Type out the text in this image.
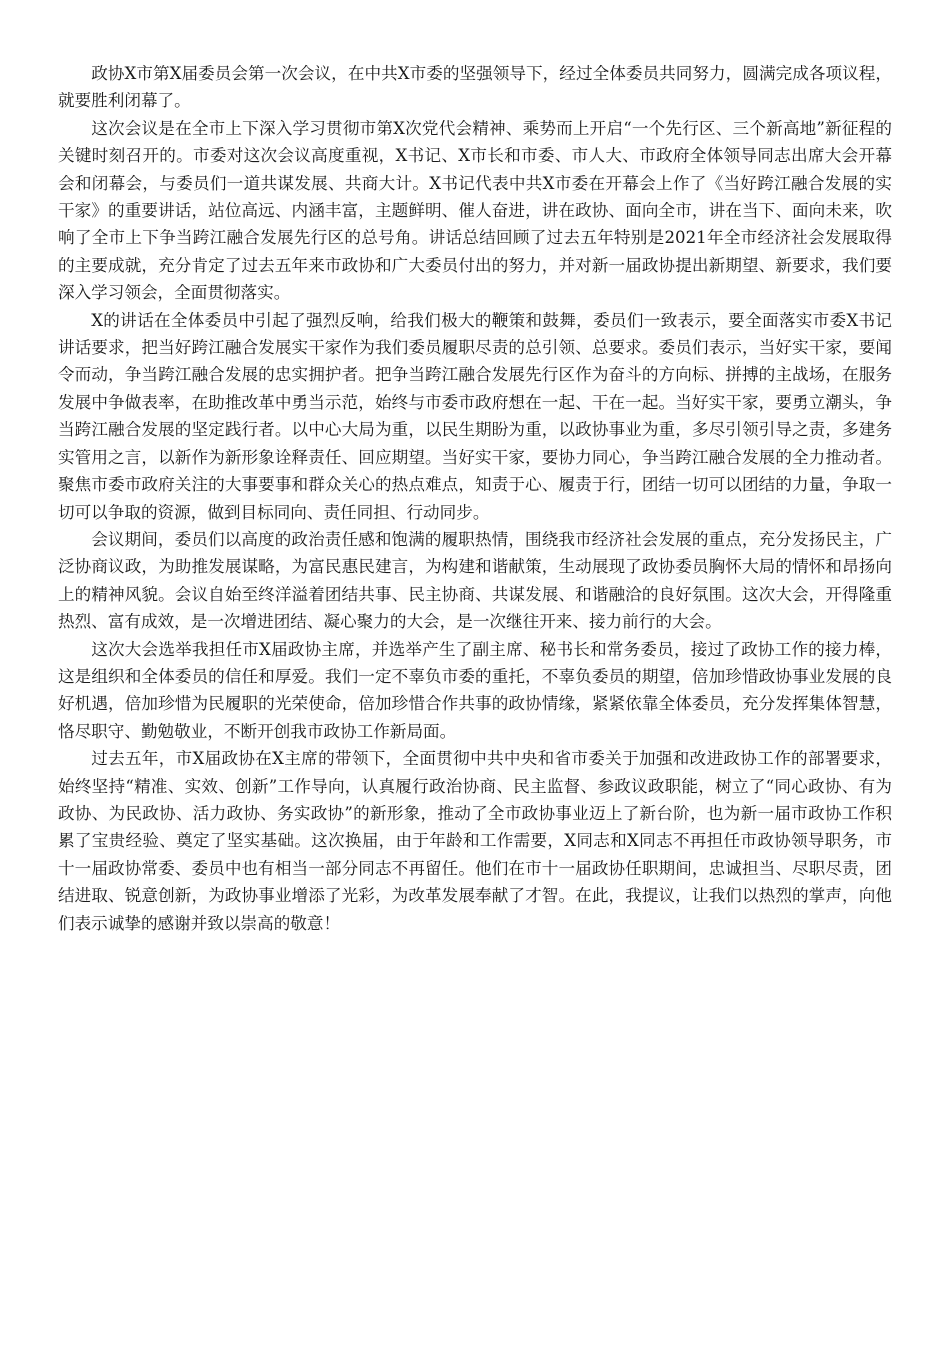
政协X市第X届委员会第一次会议，在中共X市委的坚强领导下，经过全体委员共同努力，圆满完成各项议程，就要胜利闭幕了。

这次会议是在全市上下深入学习贯彻市第X次党代会精神、乘势而上开启“一个先行区、三个新高地”新征程的关键时刻召开的。市委对这次会议高度重视，X书记、X市长和市委、市人大、市政府全体领导同志出席大会开幕会和闭幕会，与委员们一道共谋发展、共商大计。X书记代表中共X市委在开幕会上作了《当好跨江融合发展的实干家》的重要讲话，站位高远、内涵丰富，主题鲜明、催人奋进，讲在政协、面向全市，讲在当下、面向未来，吹响了全市上下争当跨江融合发展先行区的总号角。讲话总结回顾了过去五年特别是2021年全市经济社会发展取得的主要成就，充分肯定了过去五年来市政协和广大委员付出的努力，并对新一届政协提出新期望、新要求，我们要深入学习领会，全面贯彻落实。

X的讲话在全体委员中引起了强烈反响，给我们极大的鞭策和鼓舞，委员们一致表示，要全面落实市委X书记讲话要求，把当好跨江融合发展实干家作为我们委员履职尽责的总引领、总要求。委员们表示，当好实干家，要闻令而动，争当跨江融合发展的忠实拥护者。把争当跨江融合发展先行区作为奋斗的方向标、拼搏的主战场，在服务发展中争做表率，在助推改革中勇当示范，始终与市委市政府想在一起、干在一起。当好实干家，要勇立潮头，争当跨江融合发展的坚定践行者。以中心大局为重，以民生期盼为重，以政协事业为重，多尽引领引导之责，多建务实管用之言，以新作为新形象诠释责任、回应期望。当好实干家，要协力同心，争当跨江融合发展的全力推动者。聚焦市委市政府关注的大事要事和群众关心的热点难点，知责于心、履责于行，团结一切可以团结的力量，争取一切可以争取的资源，做到目标同向、责任同担、行动同步。

会议期间，委员们以高度的政治责任感和饱满的履职热情，围绕我市经济社会发展的重点，充分发扬民主，广泛协商议政，为助推发展谋略，为富民惠民建言，为构建和谐献策，生动展现了政协委员胸怀大局的情怀和昂扬向上的精神风貌。会议自始至终洋溢着团结共事、民主协商、共谋发展、和谐融洽的良好氛围。这次大会，开得隆重热烈、富有成效，是一次增进团结、凝心聚力的大会，是一次继往开来、接力前行的大会。

这次大会选举我担任市X届政协主席，并选举产生了副主席、秘书长和常务委员，接过了政协工作的接力棒，这是组织和全体委员的信任和厚爱。我们一定不辜负市委的重托，不辜负委员的期望，倍加珍惜政协事业发展的良好机遇，倍加珍惜为民履职的光荣使命，倍加珍惜合作共事的政协情缘，紧紧依靠全体委员，充分发挥集体智慧，恪尽职守、勤勉敬业，不断开创我市政协工作新局面。

过去五年，市X届政协在X主席的带领下，全面贯彻中共中央和省市委关于加强和改进政协工作的部署要求，始终坚持“精准、实效、创新”工作导向，认真履行政治协商、民主监督、参政议政职能，树立了“同心政协、有为政协、为民政协、活力政协、务实政协”的新形象，推动了全市政协事业迈上了新台阶，也为新一届市政协工作积累了宝贵经验、奠定了坚实基础。这次换届，由于年龄和工作需要，X同志和X同志不再担任市政协领导职务，市十一届政协常委、委员中也有相当一部分同志不再留任。他们在市十一届政协任职期间，忠诚担当、尽职尽责，团结进取、锐意创新，为政协事业增添了光彩，为改革发展奉献了才智。在此，我提议，让我们以热烈的掌声，向他们表示诚挚的感谢并致以崇高的敬意！
